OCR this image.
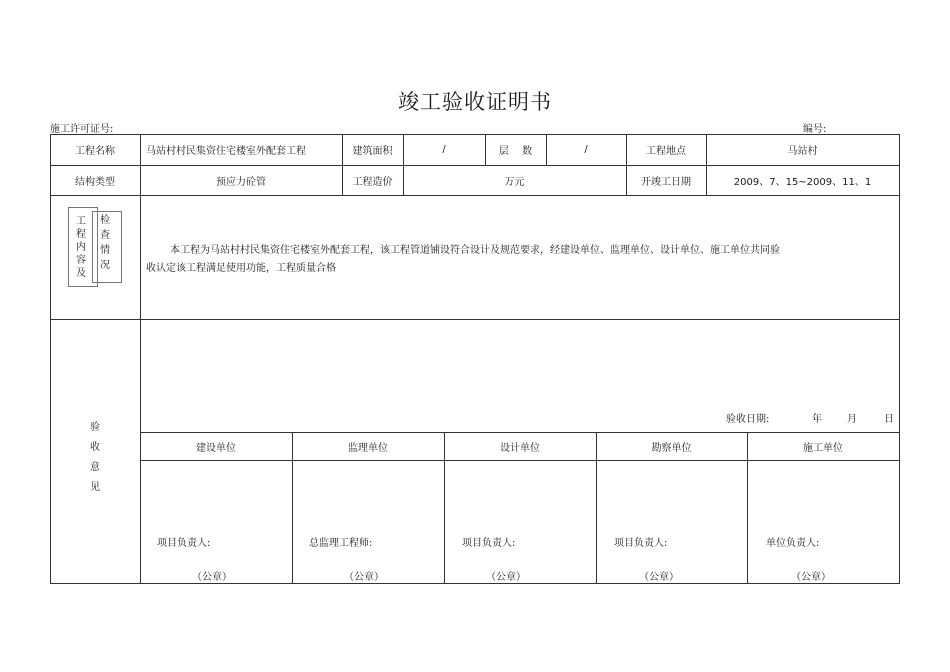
竣工验收证明书
施工许可证号:	编号:
工程名称	马站村村民集资住宅楼室外配套工程	建筑面积	/	层　 数	/	工程地点	马站村
结构类型	预应力砼管	工程造价	万元	开竣工日期	2009、7、15~2009、11、1
工
程
内
容
及
检
查
情
况
本工程为马站村村民集资住宅楼室外配套工程，该工程管道铺设符合设计及规范要求，经建设单位、监理单位、设计单位、施工单位共同验
收认定该工程满足使用功能，工程质量合格
验
收
意
见
验收日期:	年	月	日
建设单位	监理单位	设计单位	勘察单位	施工单位
项目负责人:	总监理工程师:	项目负责人:	项目负责人:	单位负责人:
（公章）	（公章）	（公章）	（公章）	（公章）
